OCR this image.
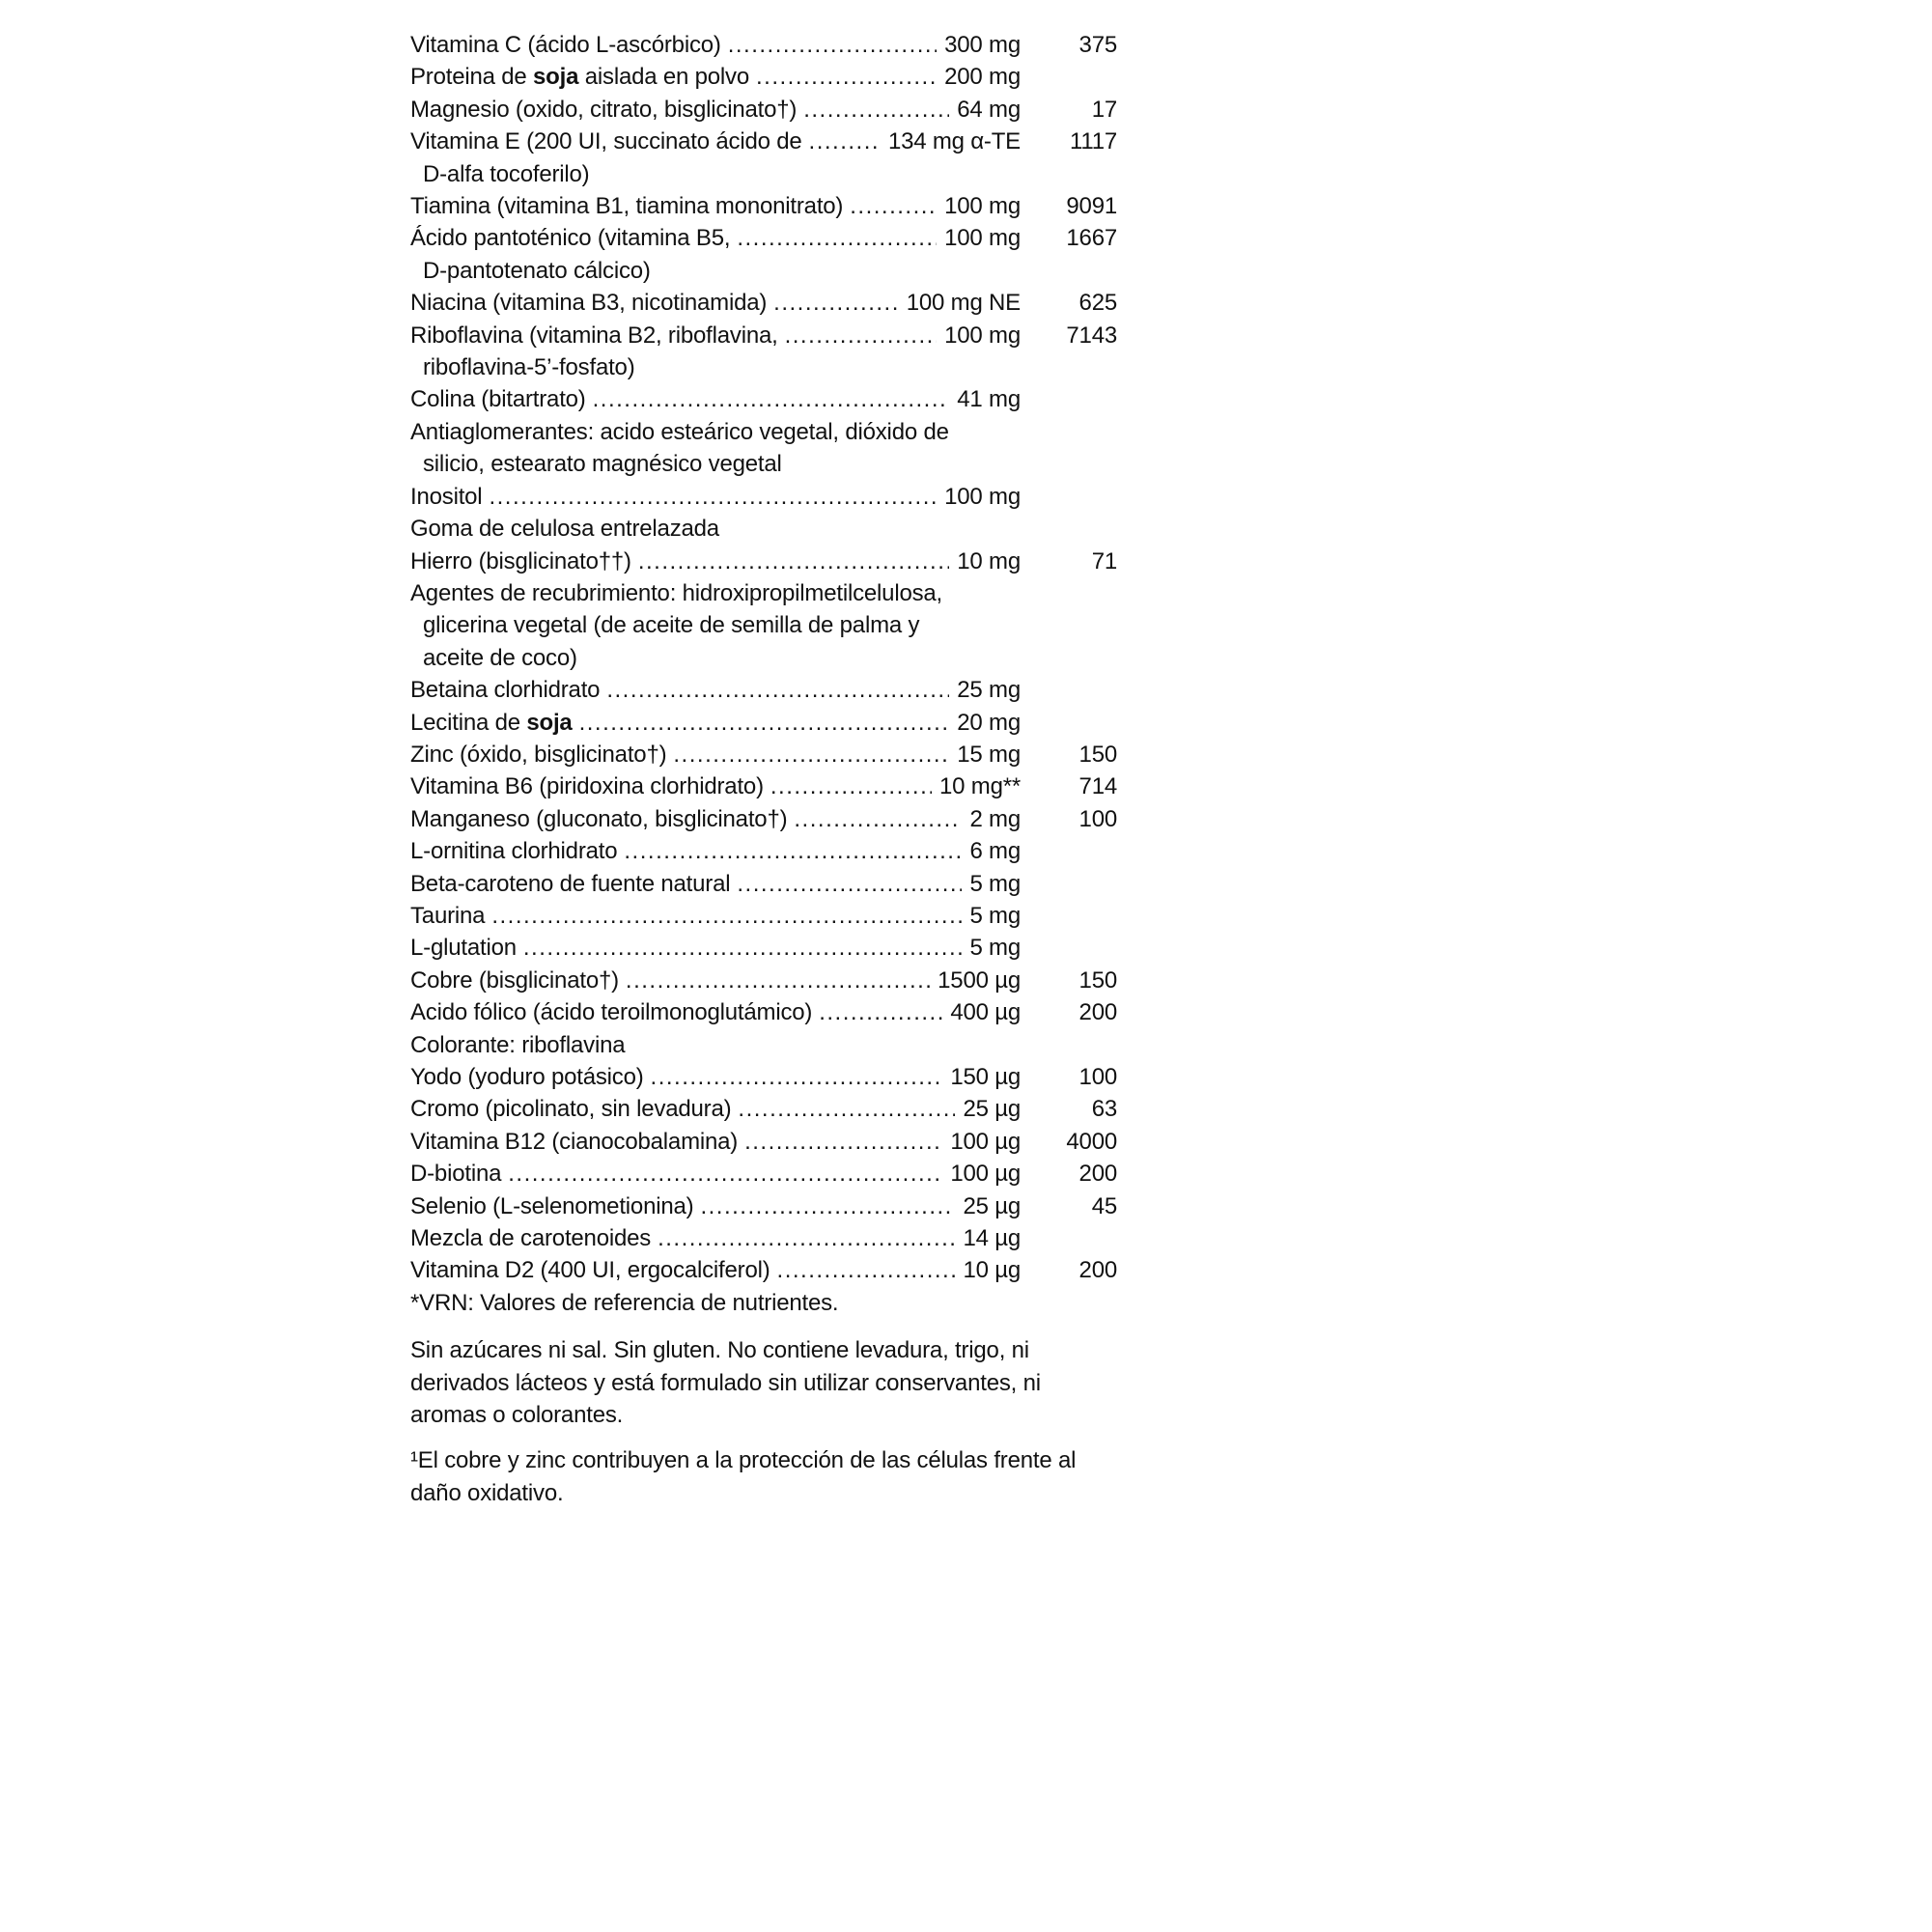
Vitamina C (ácido L-ascórbico) .....	300 mg	375
Proteina de soja aislada en polvo .....	200 mg
Magnesio (oxido, citrato, bisglicinato†) .....	64 mg	17
Vitamina E (200 UI, succinato ácido de .....	134 mg α-TE	1117
D-alfa tocoferilo)
Tiamina (vitamina B1, tiamina mononitrato) .....	100 mg	9091
Ácido pantoténico (vitamina B5, .....	100 mg	1667
D-pantotenato cálcico)
Niacina (vitamina B3, nicotinamida) .....	100 mg NE	625
Riboflavina (vitamina B2, riboflavina, .....	100 mg	7143
riboflavina-5’-fosfato)
Colina (bitartrato) .....	41 mg
Antiaglomerantes: acido esteárico vegetal, dióxido de
silicio, estearato magnésico vegetal
Inositol .....	100 mg
Goma de celulosa entrelazada
Hierro (bisglicinato††) .....	10 mg	71
Agentes de recubrimiento: hidroxipropilmetilcelulosa,
glicerina vegetal (de aceite de semilla de palma y
aceite de coco)
Betaina clorhidrato .....	25 mg
Lecitina de soja .....	20 mg
Zinc (óxido, bisglicinato†) .....	15 mg	150
Vitamina B6 (piridoxina clorhidrato) .....	10 mg**	714
Manganeso (gluconato, bisglicinato†) .....	2 mg	100
L-ornitina clorhidrato .....	6 mg
Beta-caroteno de fuente natural .....	5 mg
Taurina .....	5 mg
L-glutation .....	5 mg
Cobre (bisglicinato†) .....	1500 µg	150
Acido fólico (ácido teroilmonoglutámico) .....	400 µg	200
Colorante: riboflavina
Yodo (yoduro potásico) .....	150 µg	100
Cromo (picolinato, sin levadura) .....	25 µg	63
Vitamina B12 (cianocobalamina) .....	100 µg	4000
D-biotina .....	100 µg	200
Selenio (L-selenometionina) .....	25 µg	45
Mezcla de carotenoides .....	14 µg
Vitamina D2 (400 UI, ergocalciferol) .....	10 µg	200
*VRN: Valores de referencia de nutrientes.

Sin azúcares ni sal. Sin gluten. No contiene levadura, trigo, ni derivados lácteos y está formulado sin utilizar conservantes, ni aromas o colorantes.

¹El cobre y zinc contribuyen a la protección de las células frente al daño oxidativo.
